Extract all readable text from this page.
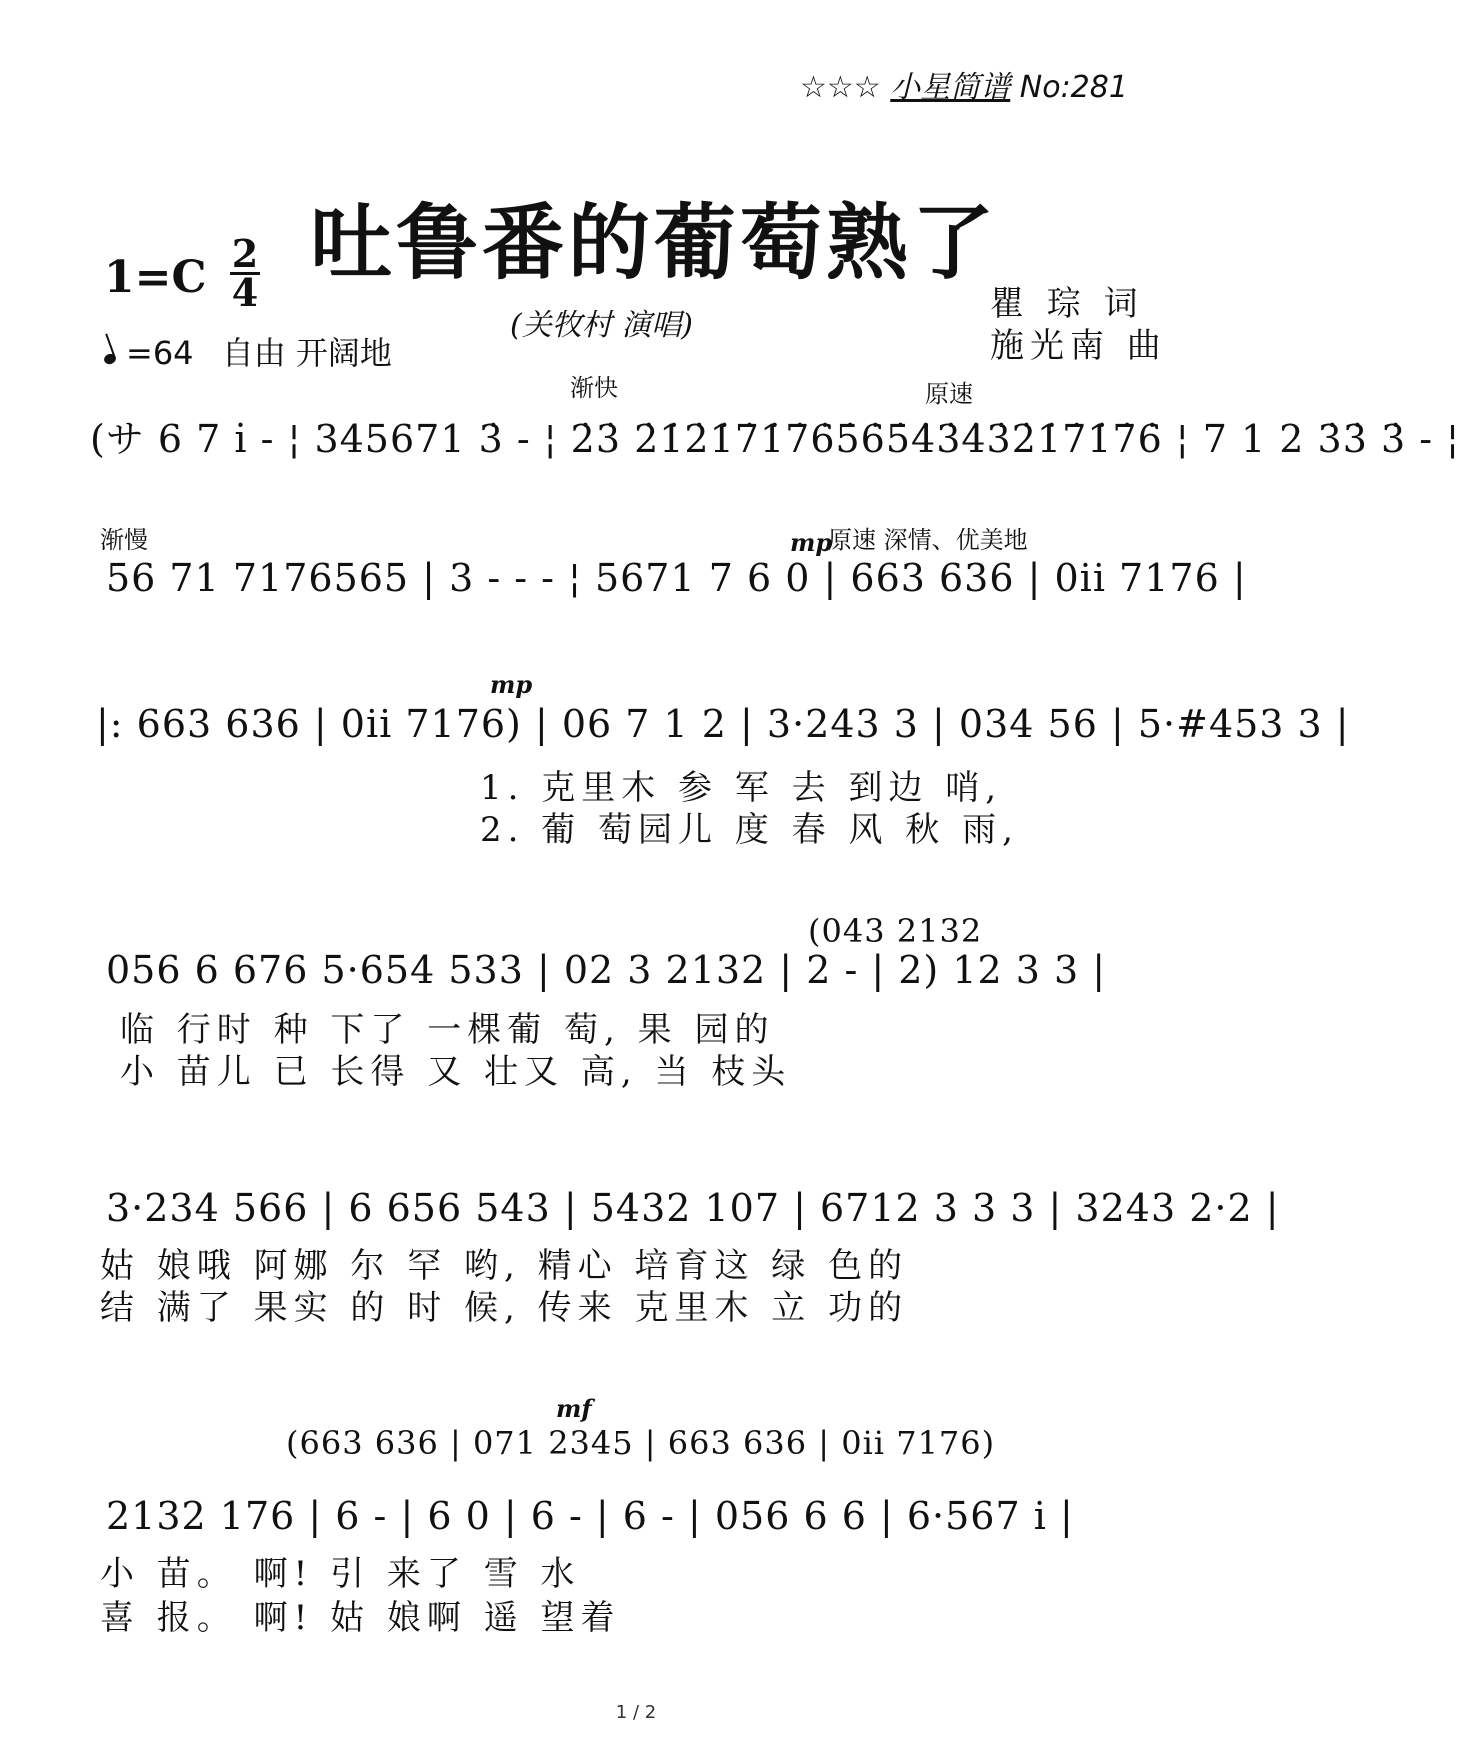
☆☆☆ 小星简谱 No:281
吐鲁番的葡萄熟了
1=C 2
4
=64 自由 开阔地
(关牧村 演唱)
瞿 琮 词
施光南 曲
渐快	原速
(サ 6 7 i̇ - ¦ 345671 3̇ - ¦ 2̇3̇ 2̇1̇2̇1̇7̇1̇7̇6̇5̇6̇5̇4̇3̇4̇3̇2̇1̇7̇1̇7̇6̇ ¦ 7 1 2 3̇3̇ 3̇ - ¦
渐慢	mp
原速 深情、优美地
56 71 7176565 | 3 - - - ¦ 5671 7 6 0 | 663 636 | 0ii 7176 |
mp
|: 663 636 | 0ii 7176) | 06 7 1 2 | 3·243 3 | 034 56 | 5·#453 3 |
1. 克里木 参 军 去 到边 哨,
2. 葡 萄园儿 度 春 风 秋 雨,
(043 2132
056 6 676 5·654 533 | 02 3 2132 | 2 - | 2) 12 3 3 |
临 行时 种 下了 一棵葡 萄, 果 园的
小 苗儿 已 长得 又 壮又 高, 当 枝头
3·234 566 | 6 656 543 | 5432 107 | 6712 3 3 3 | 3243 2·2 |
姑 娘哦 阿娜 尔 罕 哟, 精心 培育这 绿 色的
结 满了 果实 的 时 候, 传来 克里木 立 功的
mf
(663 636 | 071 2345 | 663 636 | 0ii 7176)
2132 176 | 6 - | 6 0 | 6 - | 6 - | 056 6 6 | 6·567 i |
小 苗。 啊! 引 来了 雪 水
喜 报。 啊! 姑 娘啊 遥 望着
1 / 2
